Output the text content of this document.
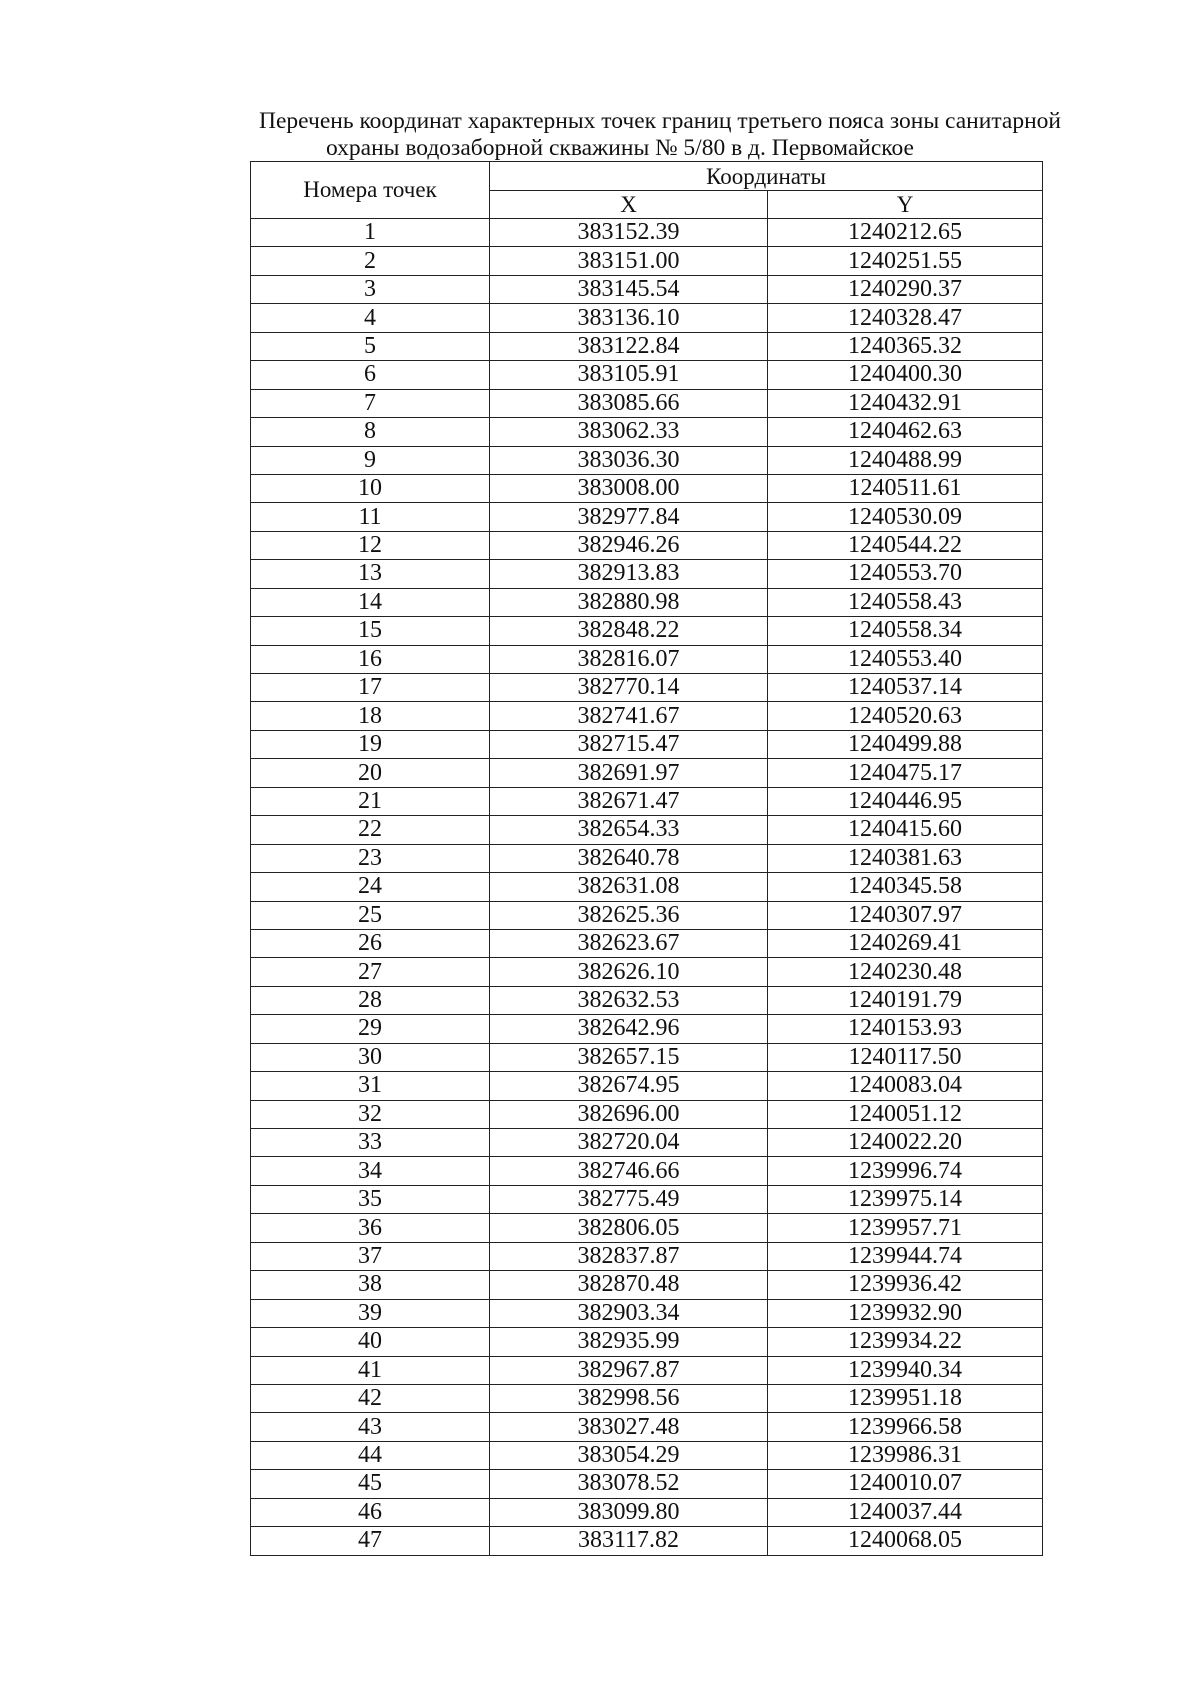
Перечень координат характерных точек границ третьего пояса зоны санитарной
охраны водозаборной скважины № 5/80 в д. Первомайское
Номера точек	Координаты	
	X	Y
1	383152.39	1240212.65
2	383151.00	1240251.55
3	383145.54	1240290.37
4	383136.10	1240328.47
5	383122.84	1240365.32
6	383105.91	1240400.30
7	383085.66	1240432.91
8	383062.33	1240462.63
9	383036.30	1240488.99
10	383008.00	1240511.61
11	382977.84	1240530.09
12	382946.26	1240544.22
13	382913.83	1240553.70
14	382880.98	1240558.43
15	382848.22	1240558.34
16	382816.07	1240553.40
17	382770.14	1240537.14
18	382741.67	1240520.63
19	382715.47	1240499.88
20	382691.97	1240475.17
21	382671.47	1240446.95
22	382654.33	1240415.60
23	382640.78	1240381.63
24	382631.08	1240345.58
25	382625.36	1240307.97
26	382623.67	1240269.41
27	382626.10	1240230.48
28	382632.53	1240191.79
29	382642.96	1240153.93
30	382657.15	1240117.50
31	382674.95	1240083.04
32	382696.00	1240051.12
33	382720.04	1240022.20
34	382746.66	1239996.74
35	382775.49	1239975.14
36	382806.05	1239957.71
37	382837.87	1239944.74
38	382870.48	1239936.42
39	382903.34	1239932.90
40	382935.99	1239934.22
41	382967.87	1239940.34
42	382998.56	1239951.18
43	383027.48	1239966.58
44	383054.29	1239986.31
45	383078.52	1240010.07
46	383099.80	1240037.44
47	383117.82	1240068.05
